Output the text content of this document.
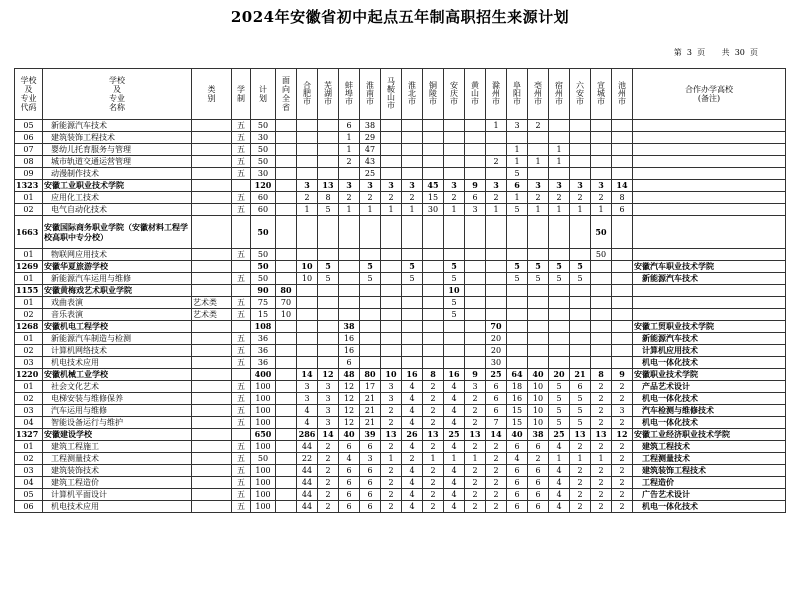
2024年安徽省初中起点五年制高职招生来源计划
第 3 页 共 30 页
学校
及
专业
代码	学校
及
专业
名称	类
别	学
制	计
划	面
向
全
省	合肥市	芜湖市	蚌埠市	淮南市	马鞍山市	淮北市	铜陵市	安庆市	黄山市	滁州市	阜阳市	亳州市	宿州市	六安市	宣城市	池州市	合作办学高校
(备注)
05	新能源汽车技术		五	50				6	38						1	3	2					
06	建筑装饰工程技术		五	30				1	29													
07	婴幼儿托育服务与管理		五	50				1	47							1		1				
08	城市轨道交通运营管理		五	50				2	43						2	1	1	1				
09	动漫制作技术		五	30					25							5						
1323	安徽工业职业技术学院			120		3	13	3	3	3	3	45	3	9	3	6	3	3	3	3	14	
01	应用化工技术		五	60		2	8	2	2	2	2	15	2	6	2	1	2	2	2	2	8	
02	电气自动化技术		五	60		1	5	1	1	1	1	30	1	3	1	5	1	1	1	1	6	
1663	安徽国际商务职业学院（安徽材料工程学校高职中专分校）			50																50		
01	物联网应用技术		五	50																50		
1269	安徽华夏旅游学校			50		10	5		5		5		5			5	5	5	5			安徽汽车职业技术学院
01	新能源汽车运用与维修		五	50		10	5		5		5		5			5	5	5	5			新能源汽车技术
1155	安徽黄梅戏艺术职业学院			90	80								10									
01	戏曲表演	艺术类	五	75	70								5									
02	音乐表演	艺术类	五	15	10								5									
1268	安徽机电工程学校			108				38							70							安徽工贸职业技术学院
01	新能源汽车制造与检测		五	36				16							20							新能源汽车技术
02	计算机网络技术		五	36				16							20							计算机应用技术
03	机电技术应用		五	36				6							30							机电一体化技术
1220	安徽机械工业学校			400		14	12	48	80	10	16	8	16	9	25	64	40	20	21	8	9	安徽职业技术学院
01	社会文化艺术		五	100		3	3	12	17	3	4	2	4	3	6	18	10	5	6	2	2	产品艺术设计
02	电梯安装与维修保养		五	100		3	3	12	21	3	4	2	4	2	6	16	10	5	5	2	2	机电一体化技术
03	汽车运用与维修		五	100		4	3	12	21	2	4	2	4	2	6	15	10	5	5	2	3	汽车检测与维修技术
04	智能设备运行与维护		五	100		4	3	12	21	2	4	2	4	2	7	15	10	5	5	2	2	机电一体化技术
1327	安徽建设学校			650		286	14	40	39	13	26	13	25	13	14	40	38	25	13	13	12	安徽工业经济职业技术学院
01	建筑工程施工		五	100		44	2	6	6	2	4	2	4	2	2	6	6	4	2	2	2	建筑工程技术
02	工程测量技术		五	50		22	2	4	3	1	2	1	1	1	2	4	2	1	1	1	2	工程测量技术
03	建筑装饰技术		五	100		44	2	6	6	2	4	2	4	2	2	6	6	4	2	2	2	建筑装饰工程技术
04	建筑工程造价		五	100		44	2	6	6	2	4	2	4	2	2	6	6	4	2	2	2	工程造价
05	计算机平面设计		五	100		44	2	6	6	2	4	2	4	2	2	6	6	4	2	2	2	广告艺术设计
06	机电技术应用		五	100		44	2	6	6	2	4	2	4	2	2	6	6	4	2	2	2	机电一体化技术
